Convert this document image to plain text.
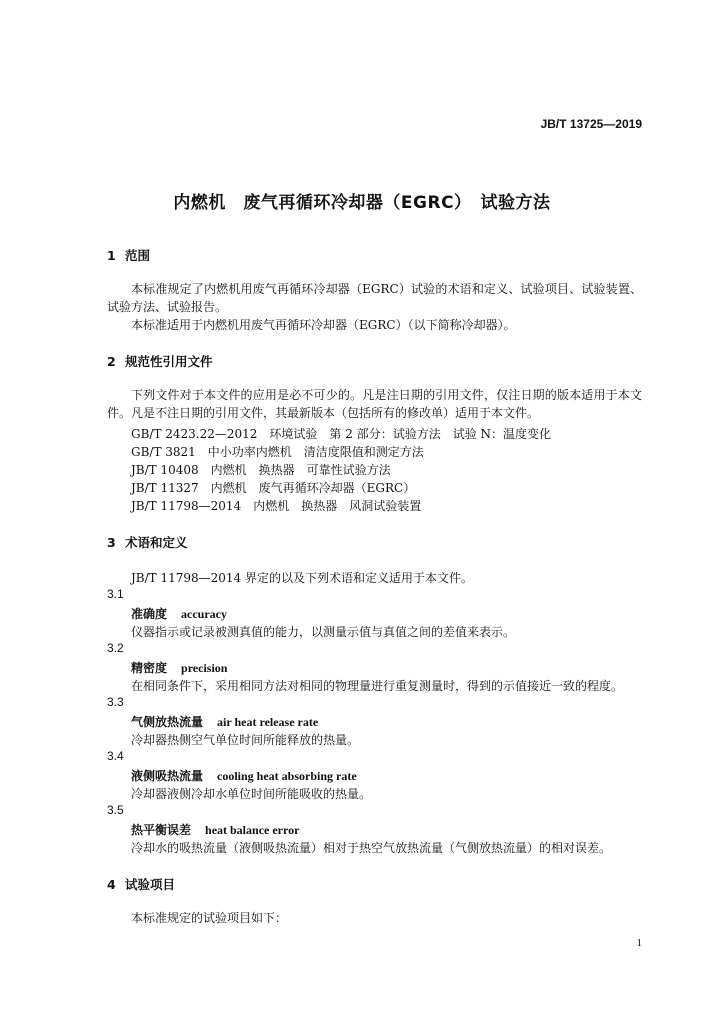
JB/T 13725—2019
内燃机　废气再循环冷却器（EGRC）　试验方法
1 范围
本标准规定了内燃机用废气再循环冷却器（EGRC）试验的术语和定义、试验项目、试验装置、试验方法、试验报告。
本标准适用于内燃机用废气再循环冷却器（EGRC）（以下简称冷却器）。
2 规范性引用文件
下列文件对于本文件的应用是必不可少的。凡是注日期的引用文件，仅注日期的版本适用于本文件。凡是不注日期的引用文件，其最新版本（包括所有的修改单）适用于本文件。
GB/T 2423.22—2012　环境试验　第 2 部分：试验方法　试验 N：温度变化
GB/T 3821　中小功率内燃机　清洁度限值和测定方法
JB/T 10408　内燃机　换热器　可靠性试验方法
JB/T 11327　内燃机　废气再循环冷却器（EGRC）
JB/T 11798—2014　内燃机　换热器　风洞试验装置
3 术语和定义
JB/T 11798—2014 界定的以及下列术语和定义适用于本文件。
3.1
准确度 accuracy
仪器指示或记录被测真值的能力，以测量示值与真值之间的差值来表示。
3.2
精密度 precision
在相同条件下，采用相同方法对相同的物理量进行重复测量时，得到的示值接近一致的程度。
3.3
气侧放热流量 air heat release rate
冷却器热侧空气单位时间所能释放的热量。
3.4
液侧吸热流量 cooling heat absorbing rate
冷却器液侧冷却水单位时间所能吸收的热量。
3.5
热平衡误差 heat balance error
冷却水的吸热流量（液侧吸热流量）相对于热空气放热流量（气侧放热流量）的相对误差。
4 试验项目
本标准规定的试验项目如下：
1
